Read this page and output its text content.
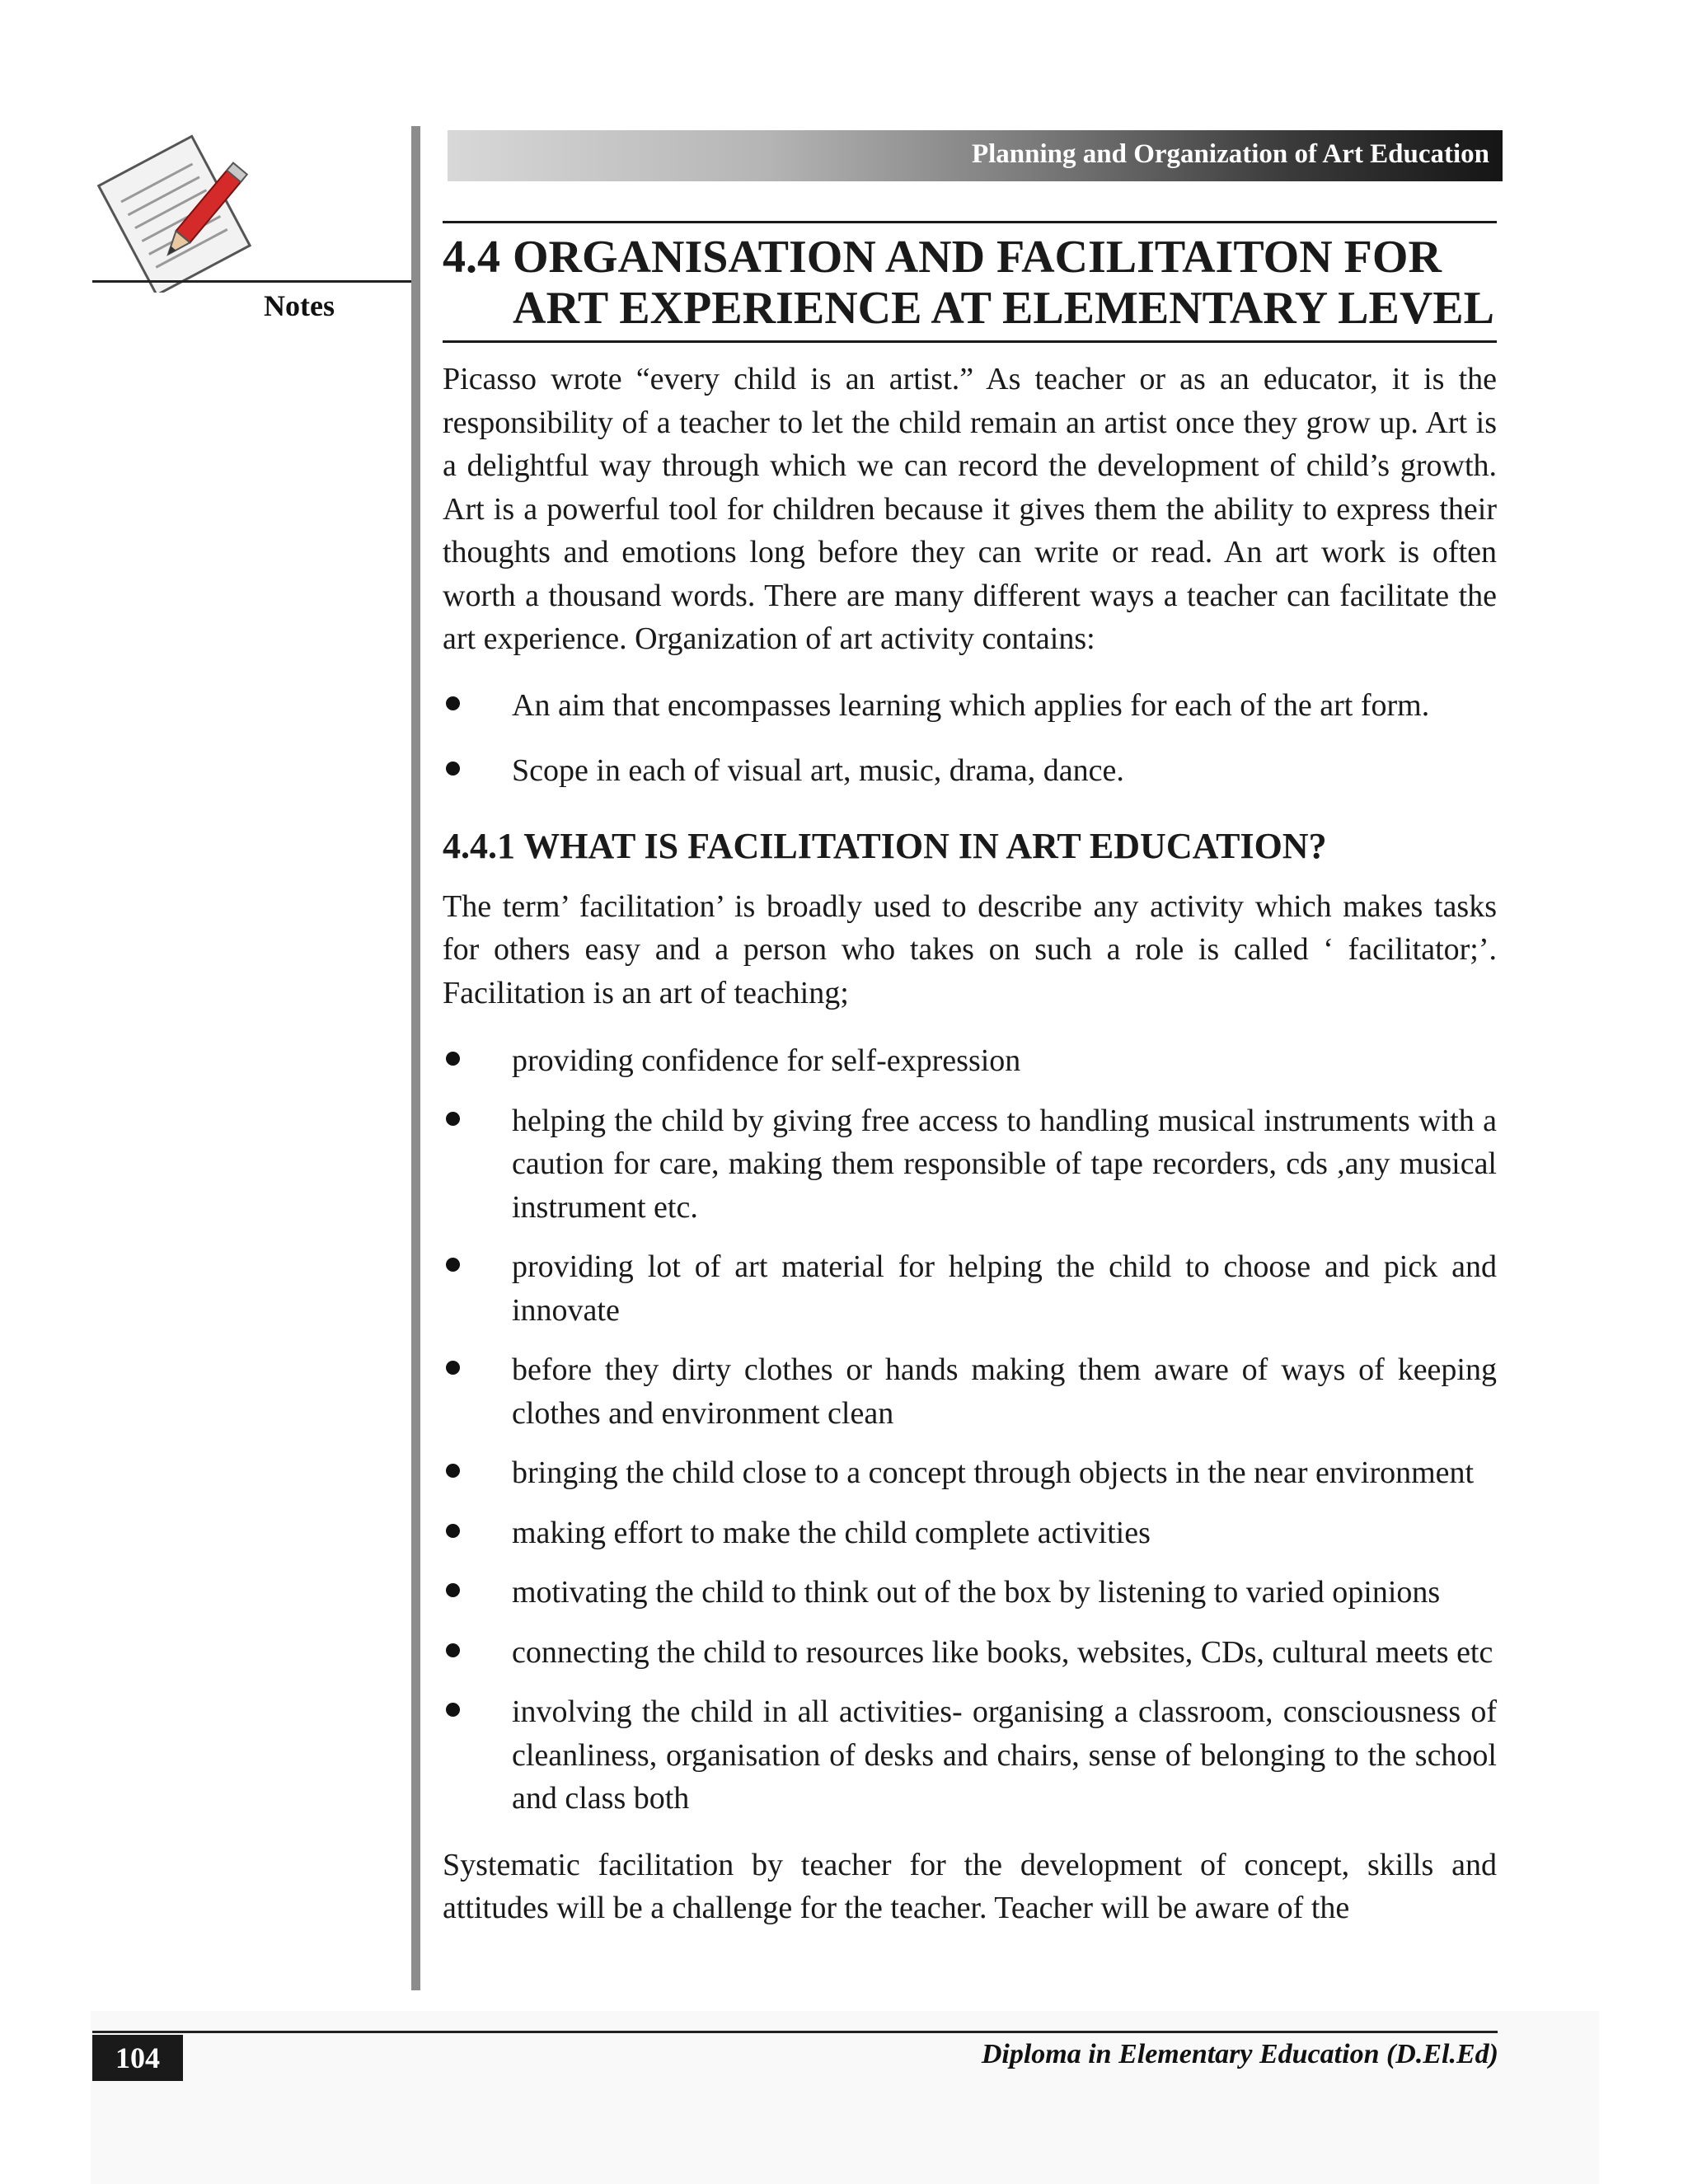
Notes
Planning and Organization of Art Education
4.4 ORGANISATION AND FACILITAITON FOR
ART EXPERIENCE AT ELEMENTARY LEVEL

Picasso wrote “every child is an artist.” As teacher or as an educator, it is the responsibility of a teacher to let the child remain an artist once they grow up. Art is a delightful way through which we can record the development of child’s growth. Art is a powerful tool for children because it gives them the ability to express their thoughts and emotions long before they can write or read. An art work is often worth a thousand words. There are many different ways a teacher can facilitate the art experience. Organization of art activity contains:

An aim that encompasses learning which applies for each of the art form.
Scope in each of visual art, music, drama, dance.
4.4.1 WHAT IS FACILITATION IN ART EDUCATION?

The term’ facilitation’ is broadly used to describe any activity which makes tasks for others easy and a person who takes on such a role is called ‘ facilitator;’. Facilitation is an art of teaching;

providing confidence for self-expression
helping the child by giving free access to handling musical instruments with a caution for care, making them responsible of tape recorders, cds ,any musical instrument etc.
providing lot of art material for helping the child to choose and pick and innovate
before they dirty clothes or hands making them aware of ways of keeping clothes and environment clean
bringing the child close to a concept through objects in the near environment
making effort to make the child complete activities
motivating the child to think out of the box by listening to varied opinions
connecting the child to resources like books, websites, CDs, cultural meets etc
involving the child in all activities- organising a classroom, consciousness of cleanliness, organisation of desks and chairs, sense of belonging to the school and class both

Systematic facilitation by teacher for the development of concept, skills and attitudes will be a challenge for the teacher. Teacher will be aware of the

104	Diploma in Elementary Education (D.El.Ed)
